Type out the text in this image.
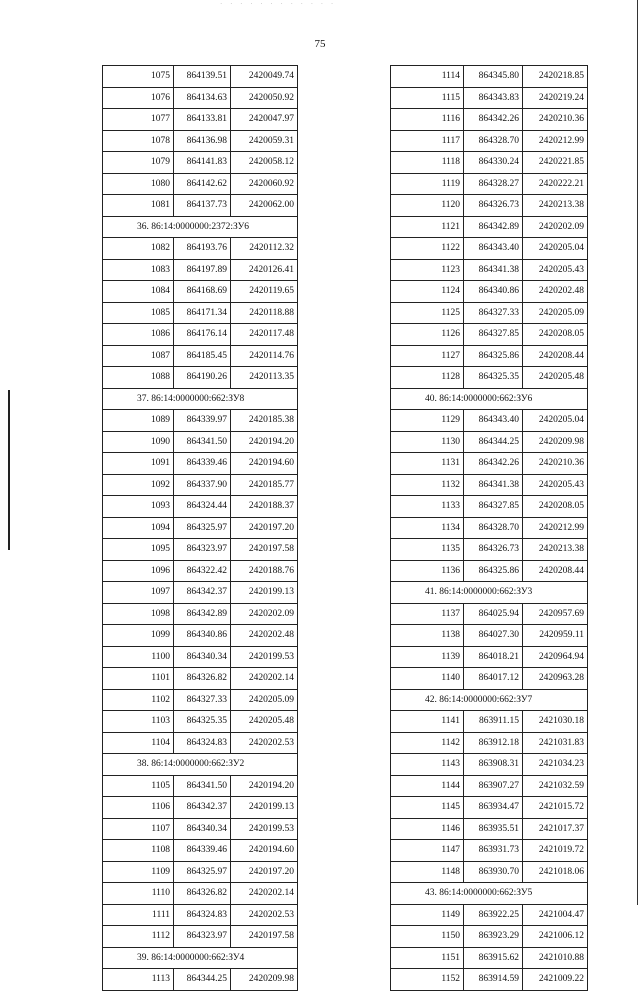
· · · · · · · · · · · ·
75
1075	864139.51	2420049.74
1076	864134.63	2420050.92
1077	864133.81	2420047.97
1078	864136.98	2420059.31
1079	864141.83	2420058.12
1080	864142.62	2420060.92
1081	864137.73	2420062.00
36. 86:14:0000000:2372:ЗУ6		
1082	864193.76	2420112.32
1083	864197.89	2420126.41
1084	864168.69	2420119.65
1085	864171.34	2420118.88
1086	864176.14	2420117.48
1087	864185.45	2420114.76
1088	864190.26	2420113.35
37. 86:14:0000000:662:ЗУ8		
1089	864339.97	2420185.38
1090	864341.50	2420194.20
1091	864339.46	2420194.60
1092	864337.90	2420185.77
1093	864324.44	2420188.37
1094	864325.97	2420197.20
1095	864323.97	2420197.58
1096	864322.42	2420188.76
1097	864342.37	2420199.13
1098	864342.89	2420202.09
1099	864340.86	2420202.48
1100	864340.34	2420199.53
1101	864326.82	2420202.14
1102	864327.33	2420205.09
1103	864325.35	2420205.48
1104	864324.83	2420202.53
38. 86:14:0000000:662:ЗУ2		
1105	864341.50	2420194.20
1106	864342.37	2420199.13
1107	864340.34	2420199.53
1108	864339.46	2420194.60
1109	864325.97	2420197.20
1110	864326.82	2420202.14
1111	864324.83	2420202.53
1112	864323.97	2420197.58
39. 86:14:0000000:662:ЗУ4		
1113	864344.25	2420209.98
1114	864345.80	2420218.85
1115	864343.83	2420219.24
1116	864342.26	2420210.36
1117	864328.70	2420212.99
1118	864330.24	2420221.85
1119	864328.27	2420222.21
1120	864326.73	2420213.38
1121	864342.89	2420202.09
1122	864343.40	2420205.04
1123	864341.38	2420205.43
1124	864340.86	2420202.48
1125	864327.33	2420205.09
1126	864327.85	2420208.05
1127	864325.86	2420208.44
1128	864325.35	2420205.48
40. 86:14:0000000:662:ЗУ6		
1129	864343.40	2420205.04
1130	864344.25	2420209.98
1131	864342.26	2420210.36
1132	864341.38	2420205.43
1133	864327.85	2420208.05
1134	864328.70	2420212.99
1135	864326.73	2420213.38
1136	864325.86	2420208.44
41. 86:14:0000000:662:ЗУ3		
1137	864025.94	2420957.69
1138	864027.30	2420959.11
1139	864018.21	2420964.94
1140	864017.12	2420963.28
42. 86:14:0000000:662:ЗУ7		
1141	863911.15	2421030.18
1142	863912.18	2421031.83
1143	863908.31	2421034.23
1144	863907.27	2421032.59
1145	863934.47	2421015.72
1146	863935.51	2421017.37
1147	863931.73	2421019.72
1148	863930.70	2421018.06
43. 86:14:0000000:662:ЗУ5		
1149	863922.25	2421004.47
1150	863923.29	2421006.12
1151	863915.62	2421010.88
1152	863914.59	2421009.22
